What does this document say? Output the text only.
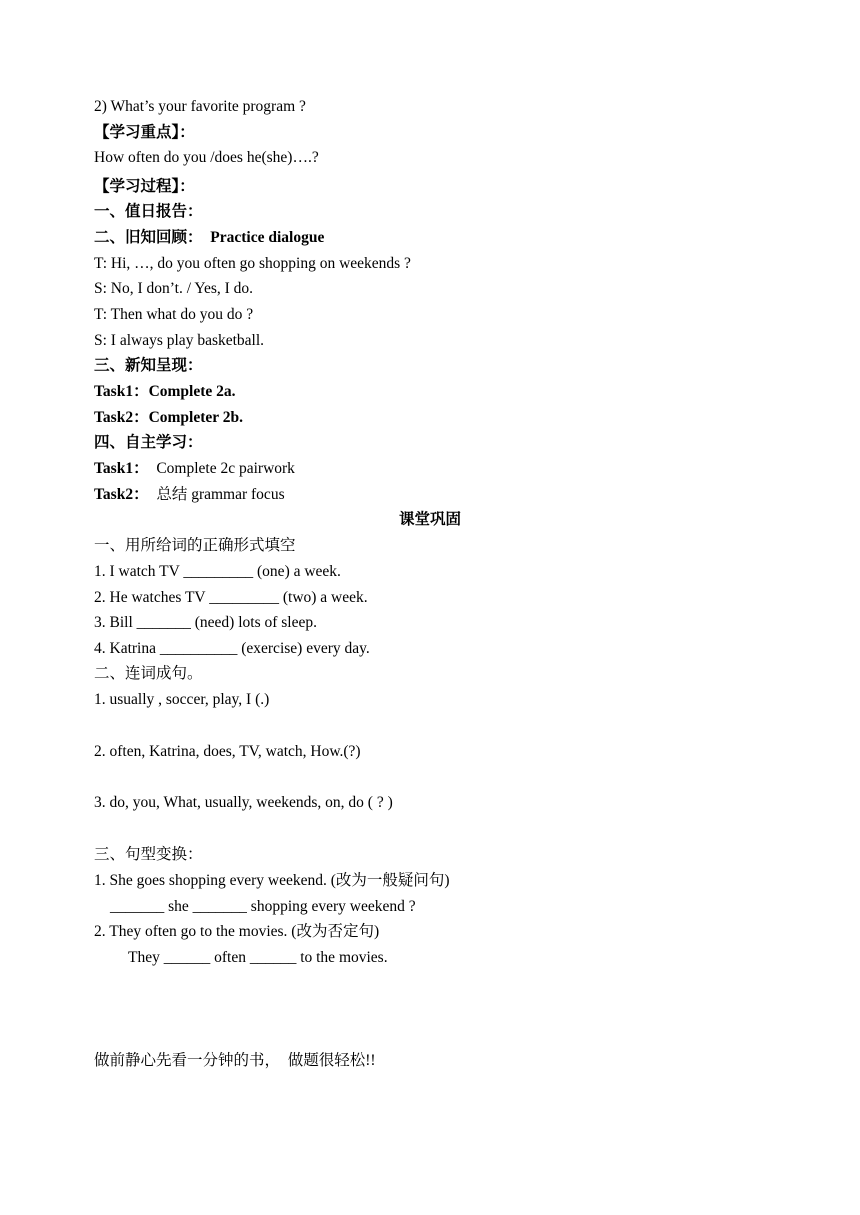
2) What’s your favorite program ?
【学习重点】：
How often do you /does he(she)….?
【学习过程】：
一、值日报告：
二、旧知回顾： Practice dialogue
T: Hi, …, do you often go shopping on weekends ?
S: No, I don’t. / Yes, I do.
T: Then what do you do ?
S: I always play basketball.
三、新知呈现：
Task1：Complete 2a.
Task2：Completer 2b.
四、自主学习：
Task1： Complete 2c pairwork
Task2： 总结 grammar focus
课堂巩固
一、用所给词的正确形式填空
1. I watch TV _________ (one) a week.
2. He watches TV _________ (two) a week.
3. Bill _______ (need) lots of sleep.
4. Katrina __________ (exercise) every day.
二、连词成句。
1. usually , soccer, play, I (.)
2. often, Katrina, does, TV, watch, How.(?)
3. do, you, What, usually, weekends, on, do ( ? )
三、句型变换：
1. She goes shopping every weekend. (改为一般疑问句)
_______ she _______ shopping every weekend ?
2. They often go to the movies. (改为否定句)
They ______ often ______ to the movies.
做前静心先看一分钟的书，  做题很轻松!!
